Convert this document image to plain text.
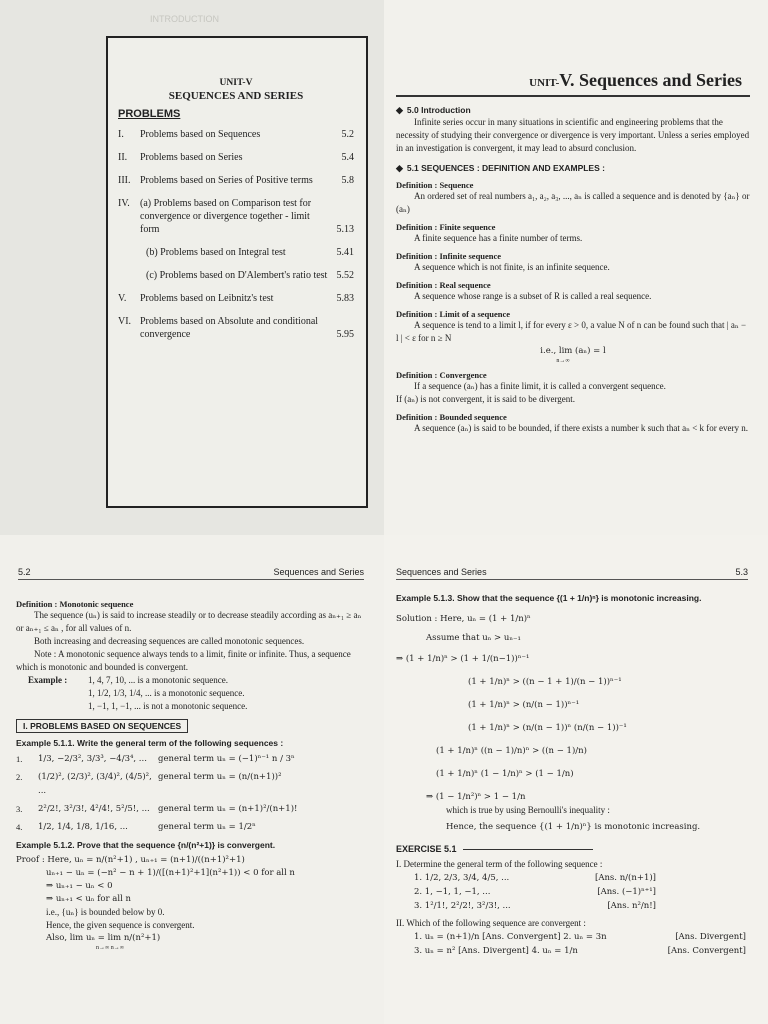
INTRODUCTION
UNIT-V
SEQUENCES AND SERIES
PROBLEMS
I.	Problems based on Sequences	5.2
II.	Problems based on Series	5.4
III. Problems based on Series of Positive terms	5.8
IV.	(a) Problems based on Comparison test for convergence or divergence together - limit form	5.13
(b) Problems based on Integral test	5.41
(c) Problems based on D'Alembert's ratio test 5.52
V.	Problems based on Leibnitz's test	5.83
VI. Problems based on Absolute and conditional convergence	5.95
UNIT-V. Sequences and Series
◆ 5.0 Introduction
Infinite series occur in many situations in scientific and engineering problems that the necessity of studying their convergence or divergence is very important. Unless a series employed in an investigation is convergent, it may lead to absurd conclusion.
◆ 5.1 SEQUENCES : DEFINITION AND EXAMPLES :
Definition : Sequence
An ordered set of real numbers a₁, a₂, a₃, ..., aₙ is called a sequence and is denoted by {aₙ} or (aₙ)
Definition : Finite sequence
A finite sequence has a finite number of terms.
Definition : Infinite sequence
A sequence which is not finite, is an infinite sequence.
Definition : Real sequence
A sequence whose range is a subset of R is called a real sequence.
Definition : Limit of a sequence
A sequence is tend to a limit l, if for every ε > 0, a value N of n can be found such that | aₙ − l | < ε for n ≥ N
i.e., lim (aₙ) = l
n→∞
Definition : Convergence
If a sequence (aₙ) has a finite limit, it is called a convergent sequence.
If (aₙ) is not convergent, it is said to be divergent.
Definition : Bounded sequence
A sequence (aₙ) is said to be bounded, if there exists a number k such that aₙ < k for every n.
5.2	Sequences and Series
Definition : Monotonic sequence
The sequence (uₙ) is said to increase steadily or to decrease steadily according as aₙ₊₁ ≥ aₙ or aₙ₊₁ ≤ aₙ , for all values of n.
Both increasing and decreasing sequences are called monotonic sequences.
Note : A monotonic sequence always tends to a limit, finite or infinite. Thus, a sequence which is monotonic and bounded is convergent.
Example :	1, 4, 7, 10, ... is a monotonic sequence.
1, 1/2, 1/3, 1/4, ... is a monotonic sequence.
1, −1, 1, −1, ... is not a monotonic sequence.
I. PROBLEMS BASED ON SEQUENCES
Example 5.1.1. Write the general term of the following sequences :
1.	1/3, −2/3², 3/3³, −4/3⁴, ...	general term uₙ = (−1)ⁿ⁻¹ n / 3ⁿ
2.	(1/2)², (2/3)², (3/4)², (4/5)², ...
general term uₙ = (n/(n+1))²
3.	2²/2!, 3²/3!, 4²/4!, 5²/5!, ... general term uₙ = (n+1)²/(n+1)!
4.	1/2, 1/4, 1/8, 1/16, ...	general term uₙ = 1/2ⁿ
Example 5.1.2. Prove that the sequence {n/(n²+1)} is convergent.
Proof : Here, uₙ = n/(n²+1) , uₙ₊₁ = (n+1)/((n+1)²+1)
uₙ₊₁ − uₙ = (−n² − n + 1)/([(n+1)²+1](n²+1)) < 0 for all n
⇒ uₙ₊₁ − uₙ < 0
⇒ uₙ₊₁ < uₙ for all n
i.e., {uₙ} is bounded below by 0.
Hence, the given sequence is convergent.
Also, lim uₙ = lim n/(n²+1)
n→∞ n→∞
Sequences and Series	5.3
Example 5.1.3. Show that the sequence {(1 + 1/n)ⁿ} is monotonic increasing.
Solution : Here, uₙ = (1 + 1/n)ⁿ
Assume that uₙ > uₙ₋₁
⇒ (1 + 1/n)ⁿ > (1 + 1/(n−1))ⁿ⁻¹
(1 + 1/n)ⁿ > ((n − 1 + 1)/(n − 1))ⁿ⁻¹
(1 + 1/n)ⁿ > (n/(n − 1))ⁿ⁻¹
(1 + 1/n)ⁿ > (n/(n − 1))ⁿ (n/(n − 1))⁻¹
(1 + 1/n)ⁿ ((n − 1)/n)ⁿ > ((n − 1)/n)
(1 + 1/n)ⁿ (1 − 1/n)ⁿ > (1 − 1/n)
⇒ (1 − 1/n²)ⁿ > 1 − 1/n
which is true by using Bernoulli's inequality :
Hence, the sequence {(1 + 1/n)ⁿ} is monotonic increasing.
EXERCISE 5.1
I. Determine the general term of the following sequence :
1. 1/2, 2/3, 3/4, 4/5, ...	[Ans. n/(n+1)]
2. 1, −1, 1, −1, ...	[Ans. (−1)ⁿ⁺¹]
3. 1²/1!, 2²/2!, 3²/3!, ...	[Ans. n²/n!]
II. Which of the following sequence are convergent :
1. uₙ = (n+1)/n [Ans. Convergent] 2. uₙ = 3n	[Ans. Divergent]
3. uₙ = n² [Ans. Divergent] 4. uₙ = 1/n	[Ans. Convergent]
